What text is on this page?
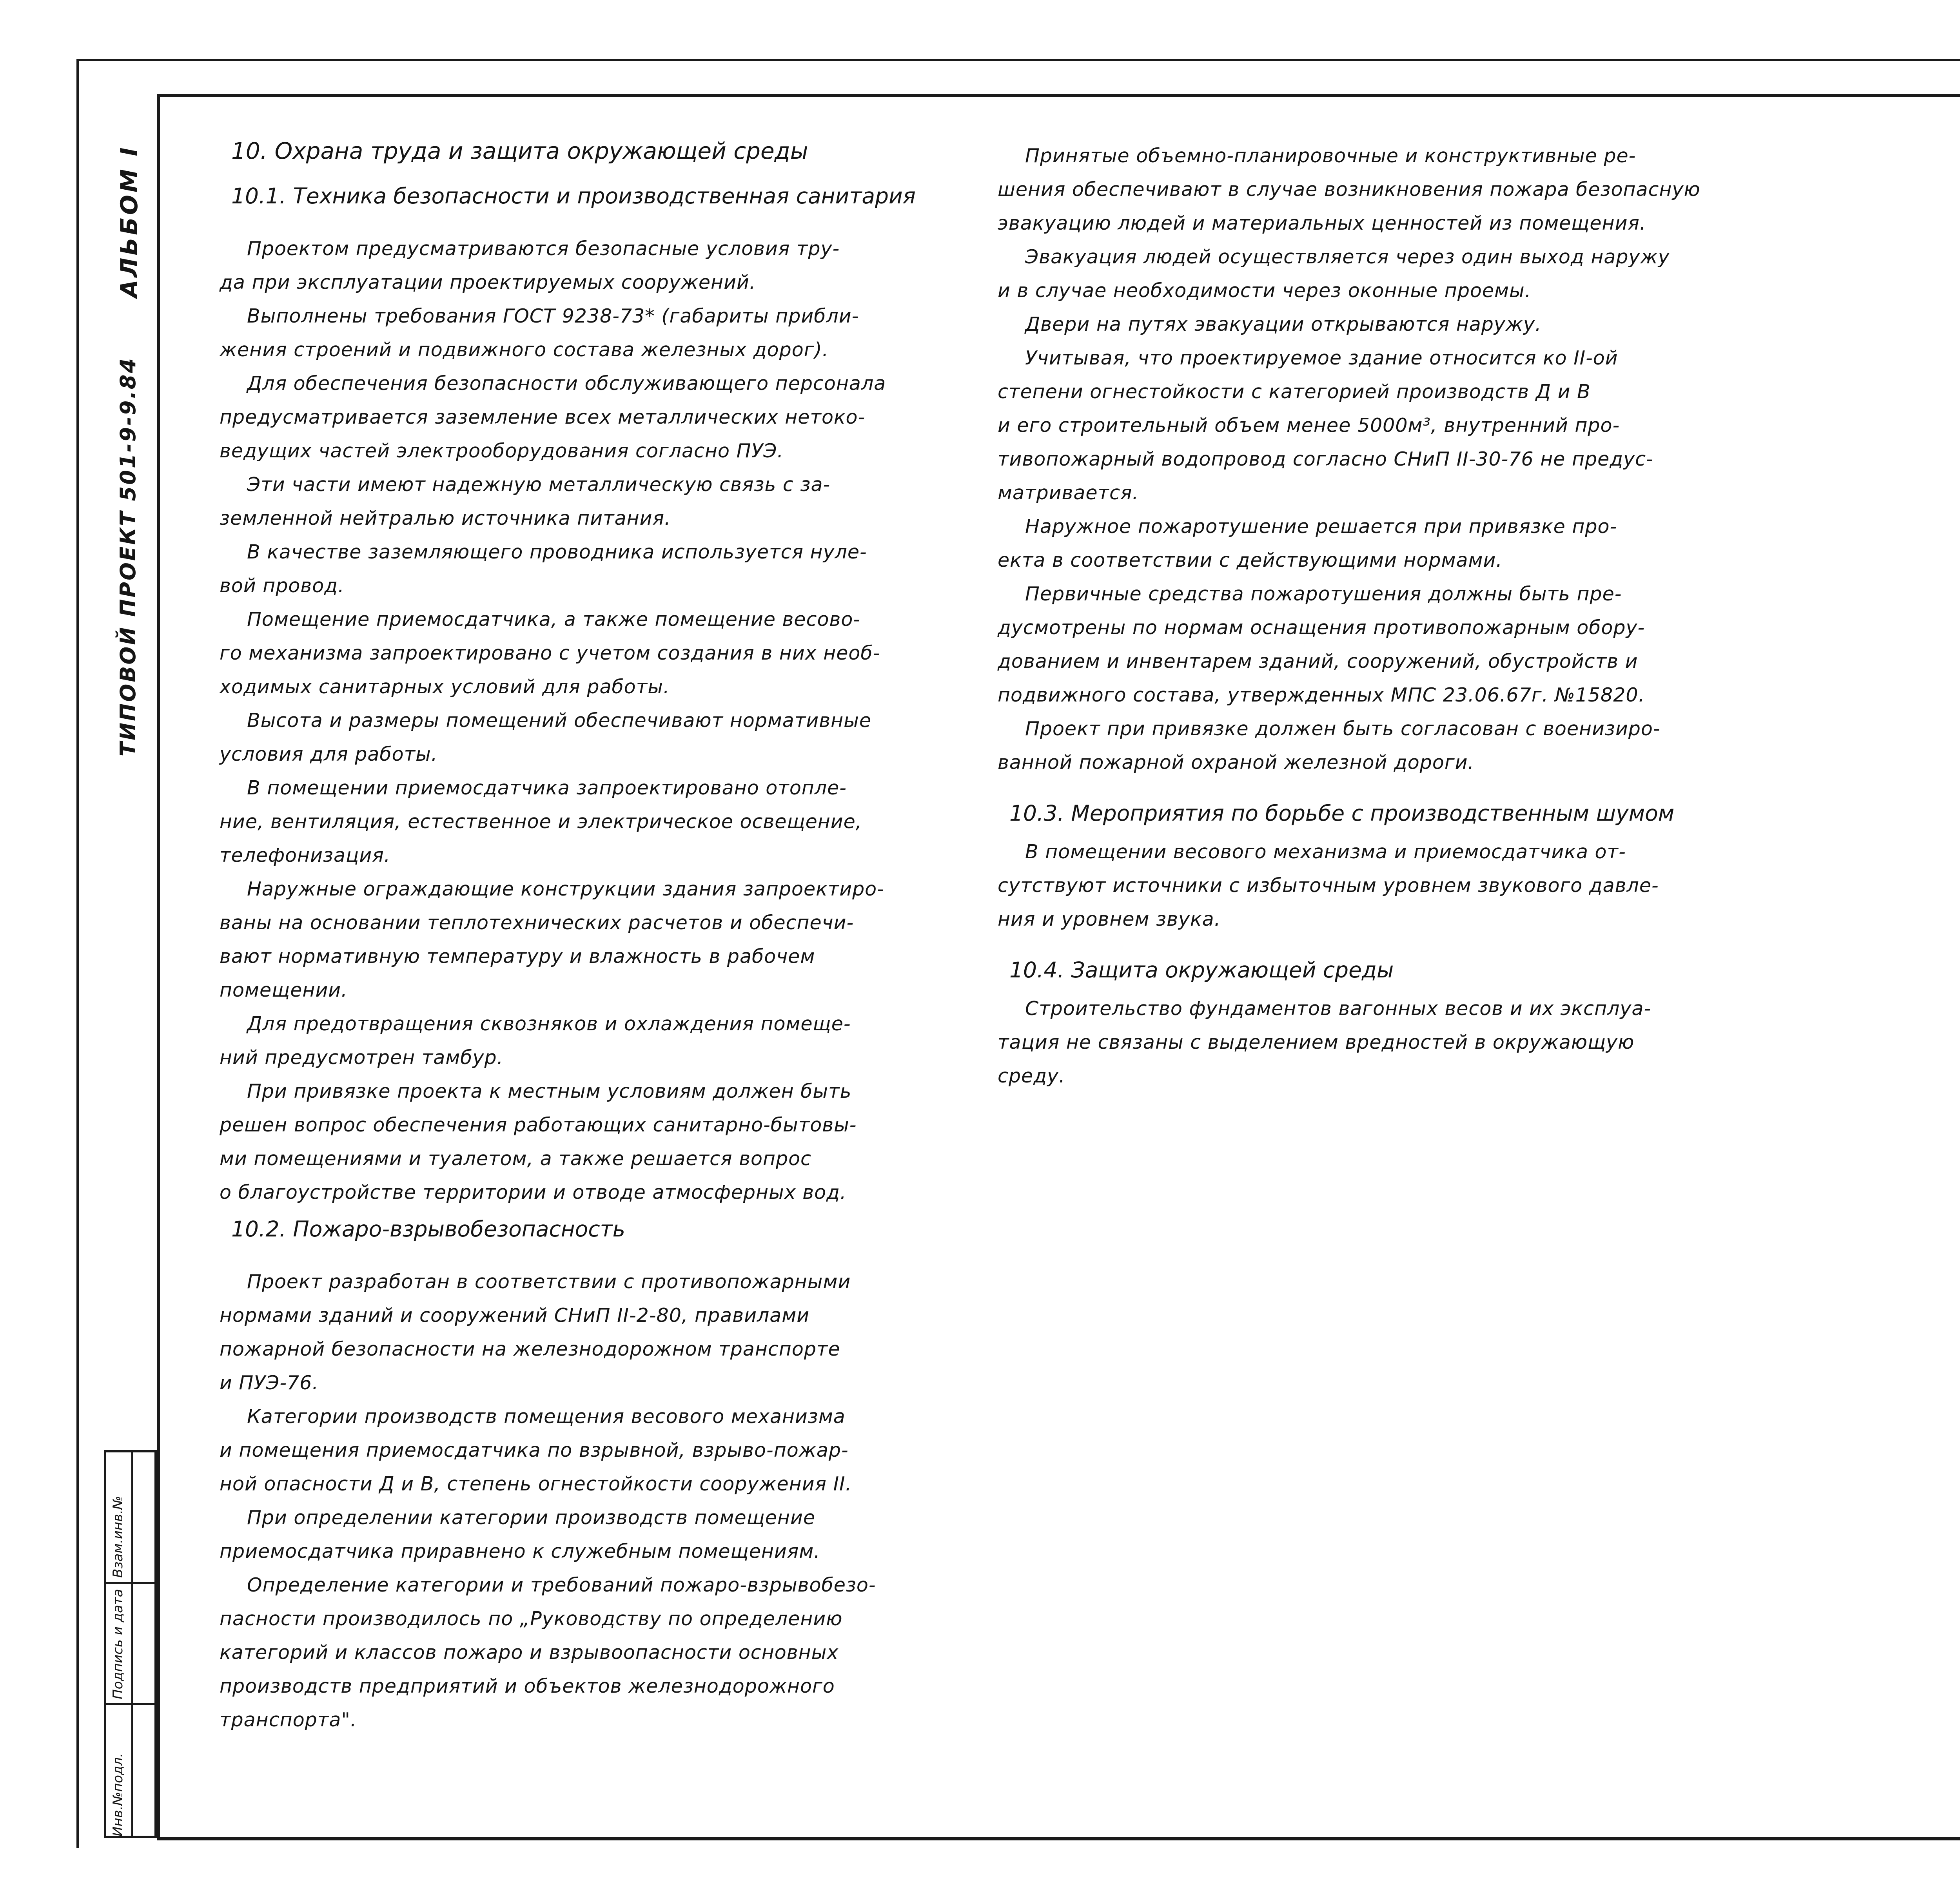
АЛЬБОМ I
ТИПОВОЙ ПРОЕКТ 501-9-9.84
Инв.№подл.
Подпись и дата
Взам.инв.№
10. Охрана труда и защита окружающей среды
10.1. Техника безопасности и производственная санитария
Проектом предусматриваются безопасные условия тру-
да при эксплуатации проектируемых сооружений.
Выполнены требования ГОСТ 9238-73* (габариты прибли-
жения строений и подвижного состава железных дорог).
Для обеспечения безопасности обслуживающего персонала
предусматривается заземление всех металлических нетоко-
ведущих частей электрооборудования согласно ПУЭ.
Эти части имеют надежную металлическую связь с за-
земленной нейтралью источника питания.
В качестве заземляющего проводника используется нуле-
вой провод.
Помещение приемосдатчика, а также помещение весово-
го механизма запроектировано с учетом создания в них необ-
ходимых санитарных условий для работы.
Высота и размеры помещений обеспечивают нормативные
условия для работы.
В помещении приемосдатчика запроектировано отопле-
ние, вентиляция, естественное и электрическое освещение,
телефонизация.
Наружные ограждающие конструкции здания запроектиро-
ваны на основании теплотехнических расчетов и обеспечи-
вают нормативную температуру и влажность в рабочем
помещении.
Для предотвращения сквозняков и охлаждения помеще-
ний предусмотрен тамбур.
При привязке проекта к местным условиям должен быть
решен вопрос обеспечения работающих санитарно-бытовы-
ми помещениями и туалетом, а также решается вопрос
о благоустройстве территории и отводе атмосферных вод.
10.2. Пожаро-взрывобезопасность
Проект разработан в соответствии с противопожарными
нормами зданий и сооружений СНиП II-2-80, правилами
пожарной безопасности на железнодорожном транспорте
и ПУЭ-76.
Категории производств помещения весового механизма
и помещения приемосдатчика по взрывной, взрыво-пожар-
ной опасности Д и В, степень огнестойкости сооружения II.
При определении категории производств помещение
приемосдатчика приравнено к служебным помещениям.
Определение категории и требований пожаро-взрывобезо-
пасности производилось по „Руководству по определению
категорий и классов пожаро и взрывоопасности основных
производств предприятий и объектов железнодорожного
транспорта".
Принятые объемно-планировочные и конструктивные ре-
шения обеспечивают в случае возникновения пожара безопасную
эвакуацию людей и материальных ценностей из помещения.
Эвакуация людей осуществляется через один выход наружу
и в случае необходимости через оконные проемы.
Двери на путях эвакуации открываются наружу.
Учитывая, что проектируемое здание относится ко II-ой
степени огнестойкости с категорией производств Д и В
и его строительный объем менее 5000м³, внутренний про-
тивопожарный водопровод согласно СНиП II-30-76 не предус-
матривается.
Наружное пожаротушение решается при привязке про-
екта в соответствии с действующими нормами.
Первичные средства пожаротушения должны быть пре-
дусмотрены по нормам оснащения противопожарным обору-
дованием и инвентарем зданий, сооружений, обустройств и
подвижного состава, утвержденных МПС 23.06.67г. №15820.
Проект при привязке должен быть согласован с военизиро-
ванной пожарной охраной железной дороги.
10.3. Мероприятия по борьбе с производственным шумом
В помещении весового механизма и приемосдатчика от-
сутствуют источники с избыточным уровнем звукового давле-
ния и уровнем звука.
10.4. Защита окружающей среды
Строительство фундаментов вагонных весов и их эксплуа-
тация не связаны с выделением вредностей в окружающую
среду.
